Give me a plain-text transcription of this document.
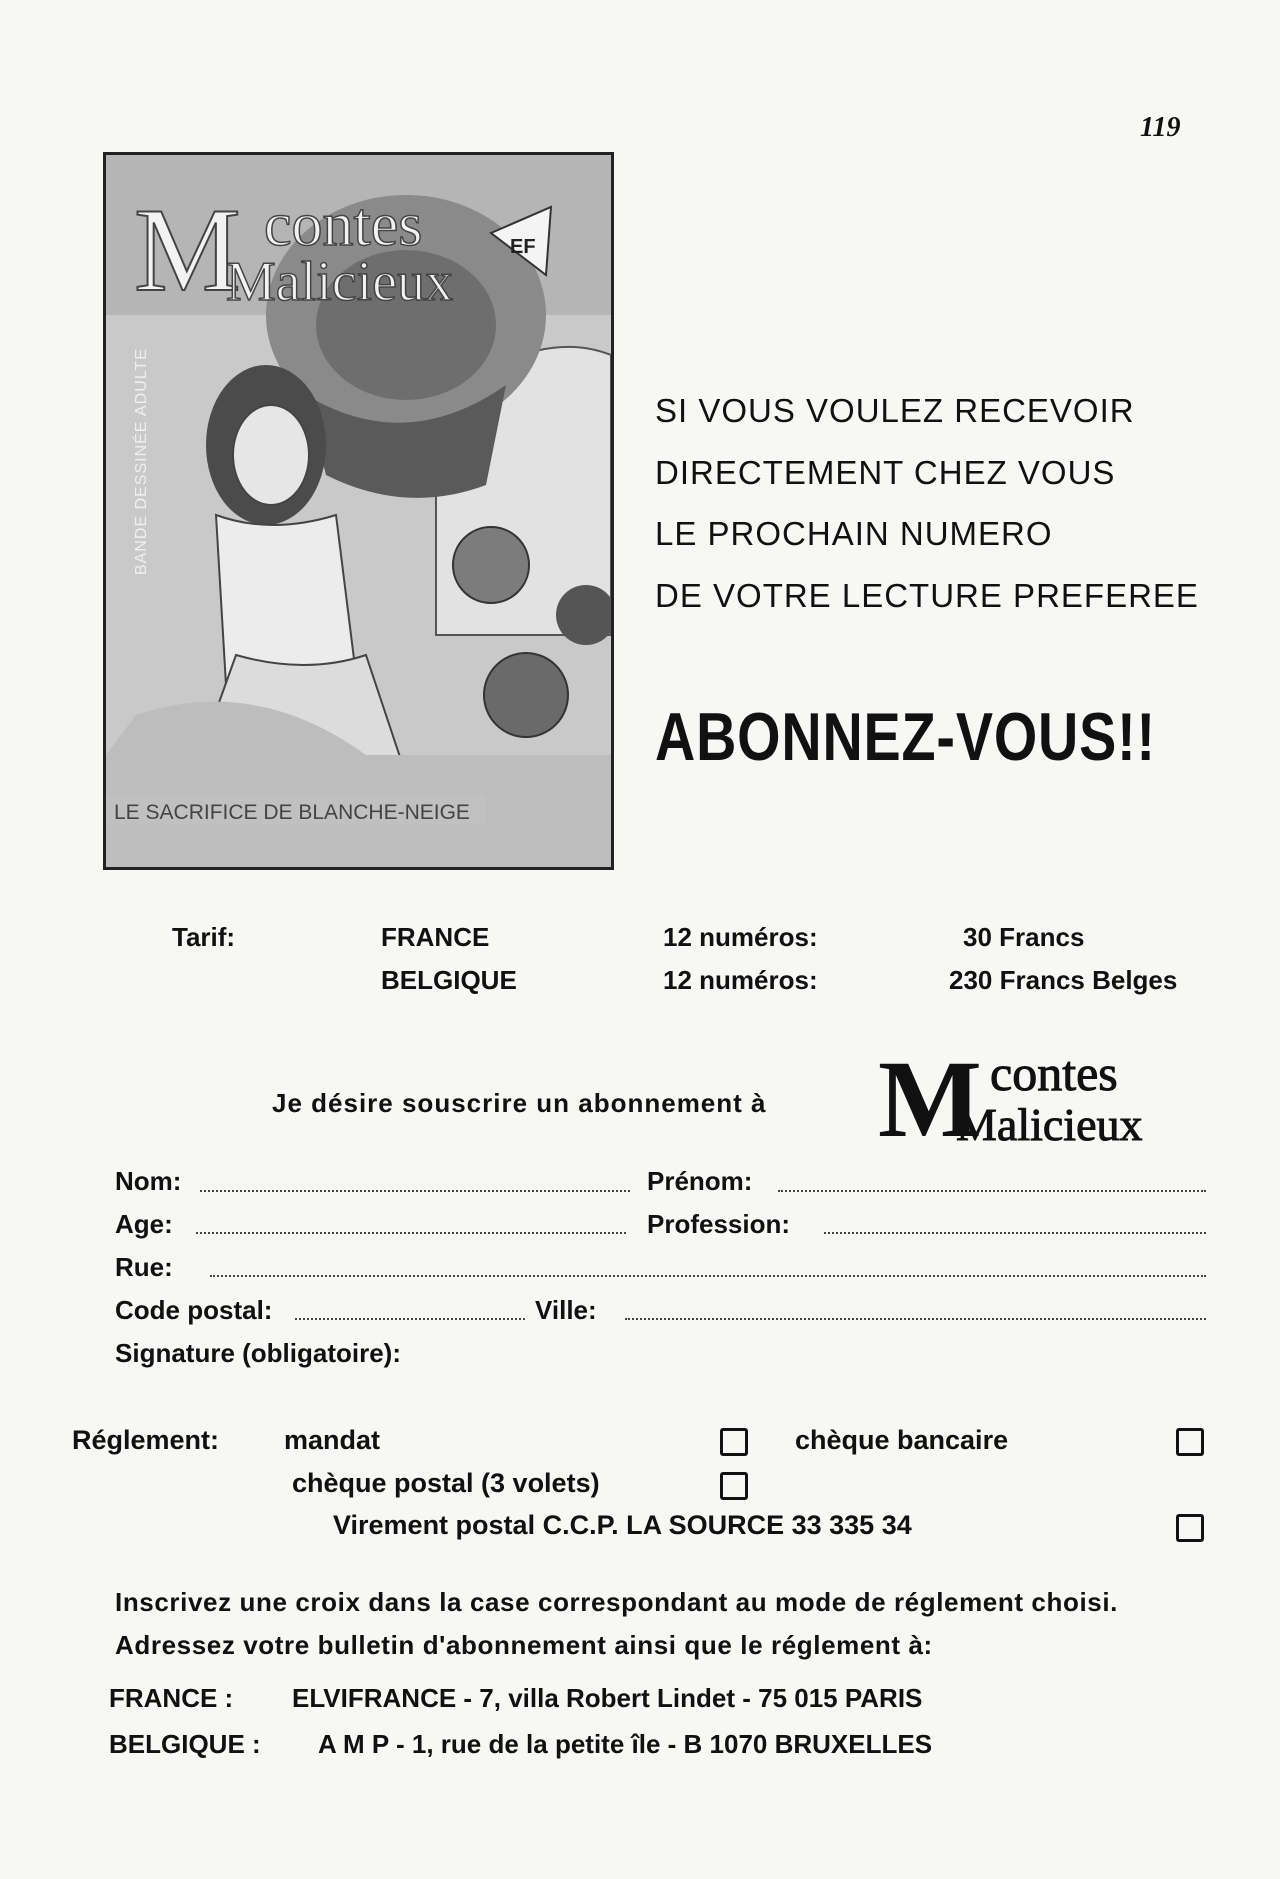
119
M contes
Malicieux
EF
BANDE DESSINÉE ADULTE
LE SACRIFICE DE BLANCHE-NEIGE
SI VOUS VOULEZ RECEVOIR
DIRECTEMENT CHEZ VOUS
LE PROCHAIN NUMERO
DE VOTRE LECTURE PREFEREE
ABONNEZ-VOUS!!
Tarif:	FRANCE	12 numéros:	30 Francs
BELGIQUE	12 numéros:	230 Francs Belges
Je désire souscrire un abonnement à M contes
Malicieux
Nom:	Prénom:
Age:	Profession:
Rue:
Code postal:	Ville:
Signature (obligatoire):
Réglement: mandat	chèque bancaire
chèque postal (3 volets)
Virement postal C.C.P. LA SOURCE 33 335 34
Inscrivez une croix dans la case correspondant au mode de réglement choisi.
Adressez votre bulletin d'abonnement ainsi que le réglement à:
FRANCE : ELVIFRANCE - 7, villa Robert Lindet - 75 015 PARIS
BELGIQUE : A M P - 1, rue de la petite île - B 1070 BRUXELLES
